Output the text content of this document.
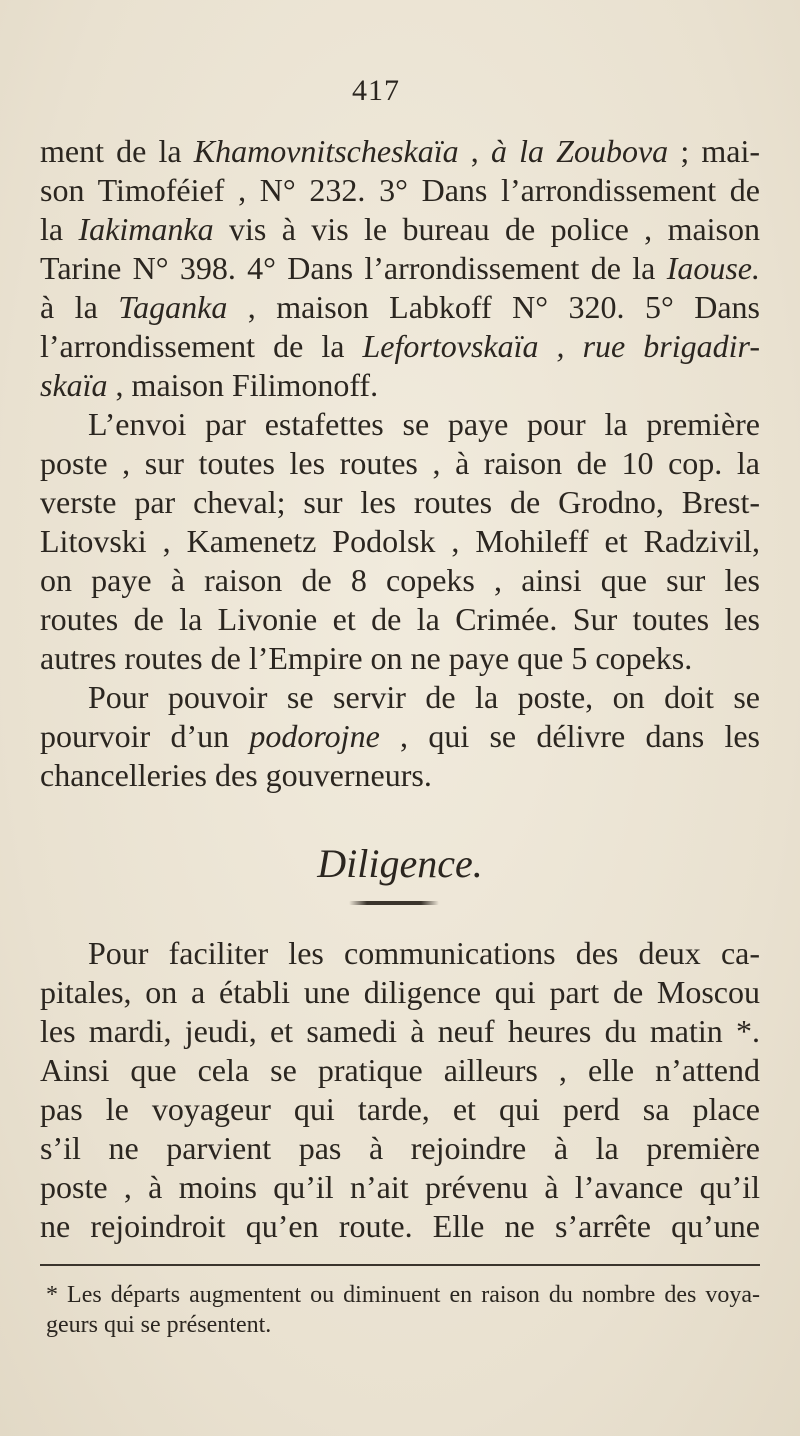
417
ment de la Khamovnitscheskaïa , à la Zoubova ; mai-
son Timoféief , N° 232. 3° Dans l’arrondissement de
la Iakimanka vis à vis le bureau de police , maison
Tarine N° 398. 4° Dans l’arrondissement de la Iaouse.
à la Taganka , maison Labkoff N° 320. 5° Dans
l’arrondissement de la Lefortovskaïa , rue brigadir-
skaïa , maison Filimonoff.
L’envoi par estafettes se paye pour la première
poste , sur toutes les routes , à raison de 10 cop. la
verste par cheval; sur les routes de Grodno, Brest-
Litovski , Kamenetz Podolsk , Mohileff et Radzivil,
on paye à raison de 8 copeks , ainsi que sur les
routes de la Livonie et de la Crimée. Sur toutes les
autres routes de l’Empire on ne paye que 5 copeks.
Pour pouvoir se servir de la poste, on doit se
pourvoir d’un podorojne , qui se délivre dans les
chancelleries des gouverneurs.
Diligence.
Pour faciliter les communications des deux ca-
pitales, on a établi une diligence qui part de Moscou
les mardi, jeudi, et samedi à neuf heures du matin *.
Ainsi que cela se pratique ailleurs , elle n’attend
pas le voyageur qui tarde, et qui perd sa place
s’il ne parvient pas à rejoindre à la première
poste , à moins qu’il n’ait prévenu à l’avance qu’il
ne rejoindroit qu’en route. Elle ne s’arrête qu’une
* Les départs augmentent ou diminuent en raison du nombre des voya-
geurs qui se présentent.
